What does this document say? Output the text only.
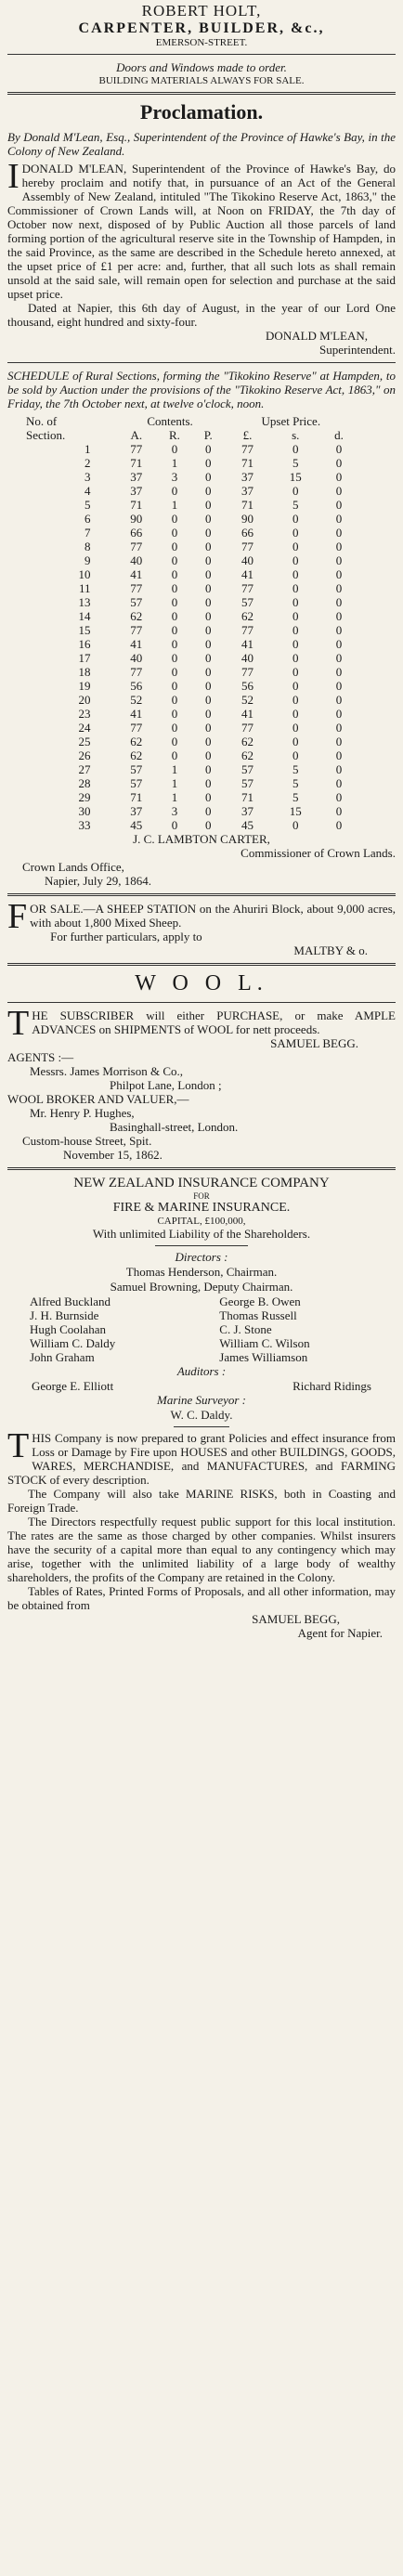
ROBERT HOLT,
CARPENTER, BUILDER, &c.,
EMERSON-STREET.
Doors and Windows made to order.
BUILDING MATERIALS ALWAYS FOR SALE.
Proclamation.

By Donald M'Lean, Esq., Superintendent of the Province of Hawke's Bay, in the Colony of New Zealand.

IDONALD M'LEAN, Superintendent of the Province of Hawke's Bay, do hereby proclaim and notify that, in pursuance of an Act of the General Assembly of New Zealand, intituled "The Tikokino Reserve Act, 1863," the Commissioner of Crown Lands will, at Noon on FRIDAY, the 7th day of October now next, disposed of by Public Auction all those parcels of land forming portion of the agricultural reserve site in the Township of Hampden, in the said Province, as the same are described in the Schedule hereto annexed, at the upset price of £1 per acre: and, further, that all such lots as shall remain unsold at the said sale, will remain open for selection and purchase at the said upset price.

Dated at Napier, this 6th day of August, in the year of our Lord One thousand, eight hundred and sixty-four.

DONALD M'LEAN,

Superintendent.

SCHEDULE of Rural Sections, forming the "Tikokino Reserve" at Hampden, to be sold by Auction under the provisions of the "Tikokino Reserve Act, 1863," on Friday, the 7th October next, at twelve o'clock, noon.

No. of	Contents.			Upset Price.		
Section.	A.	R.	P.	£.	s.	d.
1	77	0	0	77	0	0
2	71	1	0	71	5	0
3	37	3	0	37	15	0
4	37	0	0	37	0	0
5	71	1	0	71	5	0
6	90	0	0	90	0	0
7	66	0	0	66	0	0
8	77	0	0	77	0	0
9	40	0	0	40	0	0
10	41	0	0	41	0	0
11	77	0	0	77	0	0
13	57	0	0	57	0	0
14	62	0	0	62	0	0
15	77	0	0	77	0	0
16	41	0	0	41	0	0
17	40	0	0	40	0	0
18	77	0	0	77	0	0
19	56	0	0	56	0	0
20	52	0	0	52	0	0
23	41	0	0	41	0	0
24	77	0	0	77	0	0
25	62	0	0	62	0	0
26	62	0	0	62	0	0
27	57	1	0	57	5	0
28	57	1	0	57	5	0
29	71	1	0	71	5	0
30	37	3	0	37	15	0
33	45	0	0	45	0	0

J. C. LAMBTON CARTER,

Commissioner of Crown Lands.

Crown Lands Office,

Napier, July 29, 1864.

FOR SALE.—A SHEEP STATION on the Ahuriri Block, about 9,000 acres, with about 1,800 Mixed Sheep.

For further particulars, apply to

MALTBY & o.

W O O L.

THE SUBSCRIBER will either PURCHASE, or make AMPLE ADVANCES on SHIPMENTS of WOOL for nett proceeds.

SAMUEL BEGG.

AGENTS :—

Messrs. James Morrison & Co.,

Philpot Lane, London ;

WOOL BROKER AND VALUER,—

Mr. Henry P. Hughes,

Basinghall-street, London.

Custom-house Street, Spit.

November 15, 1862.

NEW ZEALAND INSURANCE COMPANY
FOR
FIRE & MARINE INSURANCE.
CAPITAL, £100,000,
With unlimited Liability of the Shareholders.
Directors :
Thomas Henderson, Chairman.
Samuel Browning, Deputy Chairman.
Alfred Buckland	George B. Owen
J. H. Burnside	Thomas Russell
Hugh Coolahan	C. J. Stone
William C. Daldy	William C. Wilson
John Graham	James Williamson
Auditors :
George E. Elliott	Richard Ridings
Marine Surveyor :
W. C. Daldy.

THIS Company is now prepared to grant Policies and effect insurance from Loss or Damage by Fire upon HOUSES and other BUILDINGS, GOODS, WARES, MERCHANDISE, and MANUFACTURES, and FARMING STOCK of every description.

The Company will also take MARINE RISKS, both in Coasting and Foreign Trade.

The Directors respectfully request public support for this local institution. The rates are the same as those charged by other companies. Whilst insurers have the security of a capital more than equal to any contingency which may arise, together with the unlimited liability of a large body of wealthy shareholders, the profits of the Company are retained in the Colony.

Tables of Rates, Printed Forms of Proposals, and all other information, may be obtained from

SAMUEL BEGG,

Agent for Napier.
